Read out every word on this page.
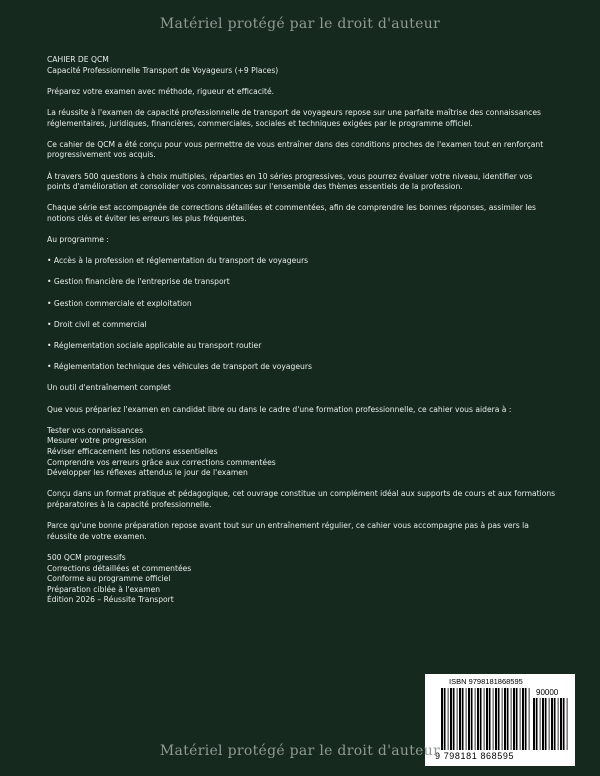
Matériel protégé par le droit d'auteur

CAHIER DE QCM

Capacité Professionnelle Transport de Voyageurs (+9 Places)

Préparez votre examen avec méthode, rigueur et efficacité.

La réussite à l'examen de capacité professionnelle de transport de voyageurs repose sur une parfaite maîtrise des connaissances réglementaires, juridiques, financières, commerciales, sociales et techniques exigées par le programme officiel.

Ce cahier de QCM a été conçu pour vous permettre de vous entraîner dans des conditions proches de l'examen tout en renforçant progressivement vos acquis.

À travers 500 questions à choix multiples, réparties en 10 séries progressives, vous pourrez évaluer votre niveau, identifier vos points d'amélioration et consolider vos connaissances sur l'ensemble des thèmes essentiels de la profession.

Chaque série est accompagnée de corrections détaillées et commentées, afin de comprendre les bonnes réponses, assimiler les notions clés et éviter les erreurs les plus fréquentes.

Au programme :

• Accès à la profession et réglementation du transport de voyageurs

• Gestion financière de l'entreprise de transport

• Gestion commerciale et exploitation

• Droit civil et commercial

• Réglementation sociale applicable au transport routier

• Réglementation technique des véhicules de transport de voyageurs

Un outil d'entraînement complet

Que vous prépariez l'examen en candidat libre ou dans le cadre d'une formation professionnelle, ce cahier vous aidera à :

Tester vos connaissances

Mesurer votre progression

Réviser efficacement les notions essentielles

Comprendre vos erreurs grâce aux corrections commentées

Développer les réflexes attendus le jour de l'examen

Conçu dans un format pratique et pédagogique, cet ouvrage constitue un complément idéal aux supports de cours et aux formations préparatoires à la capacité professionnelle.

Parce qu'une bonne préparation repose avant tout sur un entraînement régulier, ce cahier vous accompagne pas à pas vers la réussite de votre examen.

500 QCM progressifs

Corrections détaillées et commentées

Conforme au programme officiel

Préparation ciblée à l'examen

Édition 2026 – Réussite Transport

ISBN 9798181868595
90000
9 798181 868595
Matériel protégé par le droit d'auteur
